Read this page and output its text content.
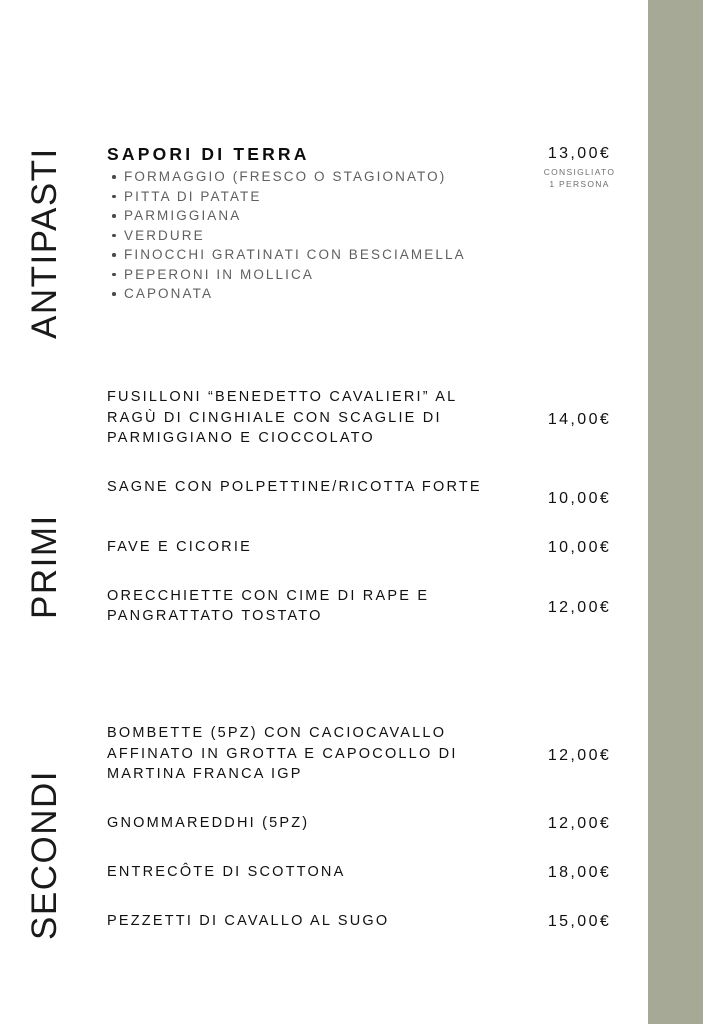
ANTIPASTI	SAPORI DI TERRA
FORMAGGIO (FRESCO O STAGIONATO)
PITTA DI PATATE
PARMIGGIANA
VERDURE
FINOCCHI GRATINATI CON BESCIAMELLA
PEPERONI IN MOLLICA
CAPONATA
13,00€
CONSIGLIATO
1 PERSONA
PRIMI
FUSILLONI “BENEDETTO CAVALIERI” AL RAGÙ DI CINGHIALE CON SCAGLIE DI PARMIGGIANO E CIOCCOLATO
14,00€
SAGNE CON POLPETTINE/RICOTTA FORTE
10,00€
FAVE E CICORIE	10,00€
ORECCHIETTE CON CIME DI RAPE E PANGRATTATO TOSTATO
12,00€
SECONDI
BOMBETTE (5PZ) CON CACIOCAVALLO AFFINATO IN GROTTA E CAPOCOLLO DI MARTINA FRANCA IGP
12,00€
GNOMMAREDDHI (5PZ)	12,00€
ENTRECÔTE DI SCOTTONA	18,00€
PEZZETTI DI CAVALLO AL SUGO	15,00€
